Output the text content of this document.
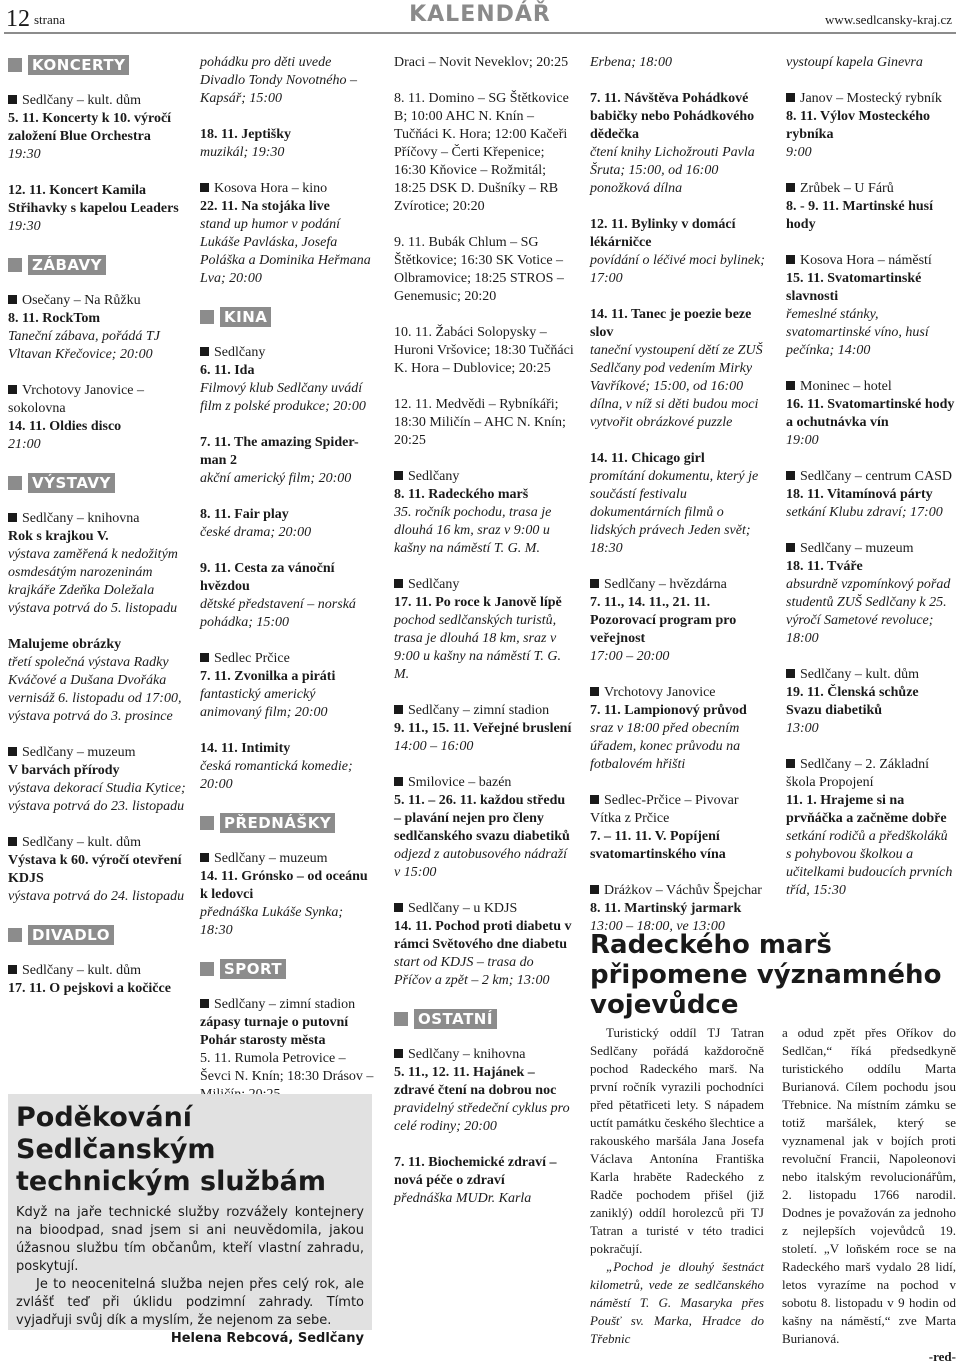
12 strana	KALENDÁŘ	www.sedlcansky-kraj.cz
KONCERTY
Sedlčany – kult. dům
5. 11. Koncerty k 10. výročí založení Blue Orchestra
19:30
12. 11. Koncert Kamila Střihavky s kapelou Leaders
19:30
ZÁBAVY
Osečany – Na Růžku
8. 11. RockTom
Taneční zábava, pořádá TJ Vltavan Křečovice; 20:00
Vrchotovy Janovice – sokolovna
14. 11. Oldies disco
21:00
VÝSTAVY
Sedlčany – knihovna
Rok s krajkou V.
výstava zaměřená k nedožitým osmdesátým narozeninám krajkáře Zdeňka Doležala výstava potrvá do 5. listopadu
Malujeme obrázky
třetí společná výstava Radky Kváčové a Dušana Dvořáka vernisáž 6. listopadu od 17:00, výstava potrvá do 3. prosince
Sedlčany – muzeum
V barvách přírody
výstava dekorací Studia Kytice; výstava potrvá do 23. listopadu
Sedlčany – kult. dům
Výstava k 60. výročí otevření KDJS
výstava potrvá do 24. listopadu
DIVADLO
Sedlčany – kult. dům
17. 11. O pejskovi a kočičce
pohádku pro děti uvede Divadlo Tondy Novotného – Kapsář; 15:00
18. 11. Jeptišky
muzikál; 19:30
Kosova Hora – kino
22. 11. Na stojáka live
stand up humor v podání Lukáše Pavláska, Josefa Poláška a Dominika Heřmana Lva; 20:00
KINA
Sedlčany
6. 11. Ida
Filmový klub Sedlčany uvádí film z polské produkce; 20:00
7. 11. The amazing Spider-man 2
akční americký film; 20:00
8. 11. Fair play
české drama; 20:00
9. 11. Cesta za vánoční hvězdou
dětské představení – norská pohádka; 15:00
Sedlec Prčice
7. 11. Zvonilka a piráti
fantastický americký animovaný film; 20:00
14. 11. Intimity
česká romantická komedie; 20:00
PŘEDNÁŠKY
Sedlčany – muzeum
14. 11. Grónsko – od oceánu k ledovci
přednáška Lukáše Synka; 18:30
SPORT
Sedlčany – zimní stadion
zápasy turnaje o putovní Pohár starosty města
5. 11. Rumola Petrovice – Ševci N. Knín; 18:30 Drásov –
Draci – Novit Neveklov; 20:25
8. 11. Domino – SG Štětkovice B; 10:00 AHC N. Knín – Tučňáci K. Hora; 12:00 Kačeři Příčovy – Čerti Křepenice; 16:30 Kňovice – Rožmitál; 18:25 DSK D. Dušníky – RB Zvírotice; 20:20
9. 11. Bubák Chlum – SG Štětkovice; 16:30 SK Votice – Olbramovice; 18:25 STROS – Genemusic; 20:20
10. 11. Žabáci Solopysky – Huroni Vršovice; 18:30 Tučňáci K. Hora – Dublovice; 20:25
12. 11. Medvědi – Rybníkáři; 18:30 Miličín – AHC N. Knín; 20:25
Sedlčany
8. 11. Radeckého marš
35. ročník pochodu, trasa je dlouhá 16 km, sraz v 9:00 u kašny na náměstí T. G. M.
Sedlčany
17. 11. Po roce k Janově lípě
pochod sedlčanských turistů, trasa je dlouhá 18 km, sraz v 9:00 u kašny na náměstí T. G. M.
Sedlčany – zimní stadion
9. 11., 15. 11. Veřejné bruslení
14:00 – 16:00
Smilovice – bazén
5. 11. – 26. 11. každou středu – plavání nejen pro členy sedlčanského svazu diabetiků
odjezd z autobusového nádraží v 15:00
Sedlčany – u KDJS
14. 11. Pochod proti diabetu v rámci Světového dne diabetu
start od KDJS – trasa do Příčov a zpět – 2 km; 13:00
OSTATNÍ
Sedlčany – knihovna
5. 11., 12. 11. Hajánek – zdravé čtení na dobrou noc
pravidelný středeční cyklus pro celé rodiny; 20:00
7. 11. Biochemické zdraví – nová péče o zdraví
přednáška MUDr. Karla
Erbena; 18:00
7. 11. Návštěva Pohádkové babičky nebo Pohádkového dědečka
čtení knihy Lichožrouti Pavla Šruta; 15:00, od 16:00 ponožková dílna
12. 11. Bylinky v domácí lékárničce
povídání o léčivé moci bylinek; 17:00
14. 11. Tanec je poezie beze slov
taneční vystoupení dětí ze ZUŠ Sedlčany pod vedením Mirky Vavříkové; 15:00, od 16:00 dílna, v níž si děti budou moci vytvořit obrázkové puzzle
14. 11. Chicago girl
promítání dokumentu, který je součástí festivalu dokumentárních filmů o lidských právech Jeden svět; 18:30
Sedlčany – hvězdárna
7. 11., 14. 11., 21. 11. Pozorovací program pro veřejnost
17:00 – 20:00
Vrchotovy Janovice
7. 11. Lampionový průvod
sraz v 18:00 před obecním úřadem, konec průvodu na fotbalovém hřišti
Sedlec-Prčice – Pivovar Vítka z Prčice
7. – 11. 11. V. Popíjení svatomartinského vína
Dráżkov – Váchův Špejchar
8. 11. Martinský jarmark
13:00 – 18:00, ve 13:00
vystoupí kapela Ginevra
Janov – Mostecký rybník
8. 11. Výlov Mosteckého rybníka
9:00
Zrůbek – U Fárů
8. - 9. 11. Martinské husí hody
Kosova Hora – náměstí
15. 11. Svatomartinské slavnosti
řemeslné stánky, svatomartinské víno, husí pečínka; 14:00
Moninec – hotel
16. 11. Svatomartinské hody a ochutnávka vín
19:00
Sedlčany – centrum CASD
18. 11. Vitamínová párty
setkání Klubu zdraví; 17:00
Sedlčany – muzeum
18. 11. Tváře
absurdně vzpomínkový pořad studentů ZUŠ Sedlčany k 25. výročí Sametové revoluce; 18:00
Sedlčany – kult. dům
19. 11. Členská schůze Svazu diabetiků
13:00
Sedlčany – 2. Základní škola Propojení
11. 1. Hrajeme si na prvňáčka a začněme dobře
setkání rodičů a předškoláků s pohybovou školkou a učitelkami budoucích prvních tříd, 15:30
Poděkování Sedlčanským technickým službám

Když na jaře technické služby rozvážely kontejnery na bioodpad, snad jsem si ani neuvědomila, jakou úžasnou službu tím občanům, kteří vlastní zahradu, poskytují.

Je to neocenitelná služba nejen přes celý rok, ale zvlášť teď při úklidu podzimní zahrady. Tímto vyjadřuji svůj dík a myslím, že nejenom za sebe.

Helena Rebcová, Sedlčany

Radeckého marš připomene významného vojevůdce

Turistický oddíl TJ Tatran Sedlčany pořádá každoročně pochod Radeckého marš. Na první ročník vyrazili pochodníci před pětatřiceti lety. S nápadem uctít památku českého šlechtice a rakouského maršála Jana Josefa Václava Antonína Františka Karla hraběte Radeckého z Radče pochodem přišel (již zaniklý) oddíl horolezců při TJ Tatran a turisté v této tradici pokračují.

„Pochod je dlouhý šestnáct kilometrů, vede ze sedlčanského náměstí T. G. Masaryka přes Poušť sv. Marka, Hradce do Třebnic

a odud zpět přes Oříkov do Sedlčan,“ říká předsedkyně turistického oddílu Marta Burianová. Cílem pochodu jsou Třebnice. Na místním zámku se totiž maršálek, který se vyznamenal jak v bojích proti revoluční Francii, Napoleonovi nebo italským revolucionářům, 2. listopadu 1766 narodil. Dodnes je považován za jednoho z nejlepších vojevůdců 19. století. „V loňském roce se na Radeckého marš vydalo 28 lidí, letos vyrazíme na pochod v sobotu 8. listopadu v 9 hodin od kašny na náměstí,“ zve Marta Burianová.

-red-
